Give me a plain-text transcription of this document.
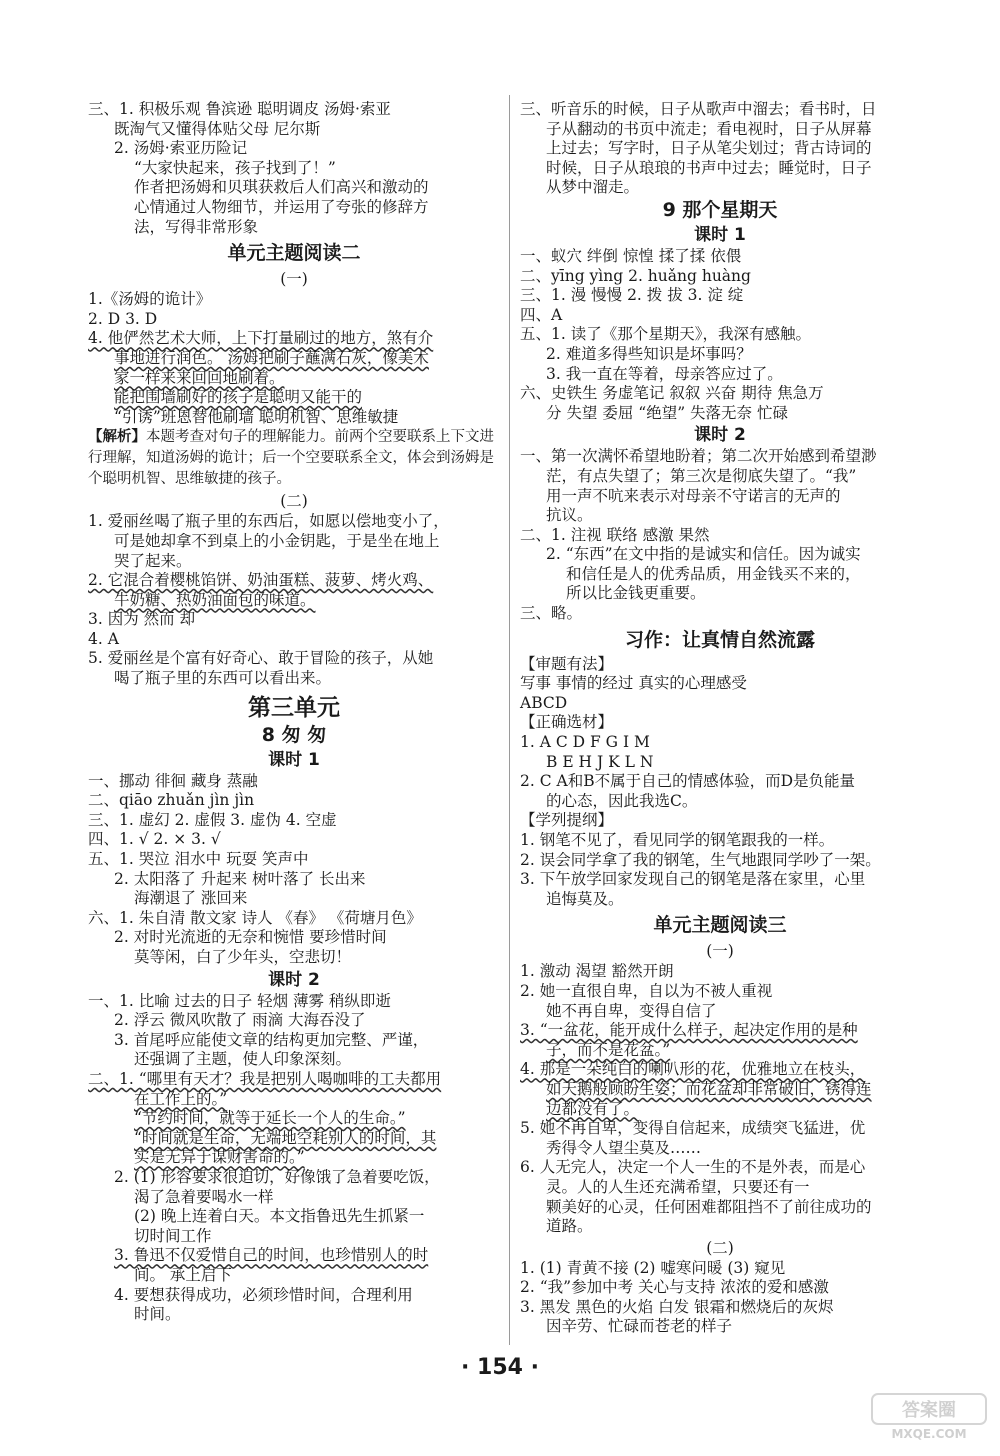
三、1. 积极乐观 鲁滨逊 聪明调皮 汤姆·索亚
既淘气又懂得体贴父母 尼尔斯
2. 汤姆·索亚历险记
“大家快起来，孩子找到了！”
作者把汤姆和贝琪获救后人们高兴和激动的
心情通过人物细节，并运用了夸张的修辞方
法，写得非常形象
单元主题阅读二
(一)
1.《汤姆的诡计》
2. D 3. D
4. 他俨然艺术大师，上下打量刷过的地方，煞有介
事地进行润色。 汤姆把刷子蘸满石灰，像美术
家一样来来回回地刷着。
能把围墙刷好的孩子是聪明又能干的
“引诱”班恩替他刷墙 聪明机智、思维敏捷
【解析】本题考查对句子的理解能力。前两个空要联系上下文进行理解，知道汤姆的诡计；后一个空要联系全文，体会到汤姆是个聪明机智、思维敏捷的孩子。
(二)
1. 爱丽丝喝了瓶子里的东西后，如愿以偿地变小了，
可是她却拿不到桌上的小金钥匙，于是坐在地上
哭了起来。
2. 它混合着樱桃馅饼、奶油蛋糕、菠萝、烤火鸡、
牛奶糖、热奶油面包的味道。
3. 因为 然而 却
4. A
5. 爱丽丝是个富有好奇心、敢于冒险的孩子，从她
喝了瓶子里的东西可以看出来。
第三单元
8 匆 匆
课时 1
一、挪动 徘徊 藏身 蒸融
二、qiāo zhuǎn jìn jìn
三、1. 虚幻 2. 虚假 3. 虚伪 4. 空虚
四、1. √ 2. × 3. √
五、1. 哭泣 泪水中 玩耍 笑声中
2. 太阳落了 升起来 树叶落了 长出来
海潮退了 涨回来
六、1. 朱自清 散文家 诗人 《春》 《荷塘月色》
2. 对时光流逝的无奈和惋惜 要珍惜时间
莫等闲，白了少年头，空悲切！
课时 2
一、1. 比喻 过去的日子 轻烟 薄雾 稍纵即逝
2. 浮云 微风吹散了 雨滴 大海吞没了
3. 首尾呼应能使文章的结构更加完整、严谨，
还强调了主题，使人印象深刻。
二、1. “哪里有天才？我是把别人喝咖啡的工夫都用
在工作上的。”
“节约时间，就等于延长一个人的生命。”
“时间就是生命，无端地空耗别人的时间，其
实是无异于谋财害命的。”
2. (1) 形容要求很迫切，好像饿了急着要吃饭，
渴了急着要喝水一样
(2) 晚上连着白天。本文指鲁迅先生抓紧一
切时间工作
3. 鲁迅不仅爱惜自己的时间，也珍惜别人的时
间。 承上启下
4. 要想获得成功，必须珍惜时间，合理利用
时间。
三、听音乐的时候，日子从歌声中溜去；看书时，日
子从翻动的书页中流走；看电视时，日子从屏幕
上过去；写字时，日子从笔尖划过；背古诗词的
时候，日子从琅琅的书声中过去；睡觉时，日子
从梦中溜走。
9 那个星期天
课时 1
一、蚁穴 绊倒 惊惶 揉了揉 依偎
二、yīng yìng 2. huǎng huàng
三、1. 漫 慢慢 2. 拨 拔 3. 淀 绽
四、A
五、1. 读了《那个星期天》，我深有感触。
2. 难道多得些知识是坏事吗？
3. 我一直在等着，母亲答应过了。
六、史铁生 务虚笔记 叙叙 兴奋 期待 焦急万
分 失望 委屈 “绝望” 失落无奈 忙碌
课时 2
一、第一次满怀希望地盼着；第二次开始感到希望渺
茫，有点失望了；第三次是彻底失望了。“我”
用一声不吭来表示对母亲不守诺言的无声的
抗议。
二、1. 注视 联络 感激 果然
2. “东西”在文中指的是诚实和信任。因为诚实
和信任是人的优秀品质，用金钱买不来的，
所以比金钱更重要。
三、略。
习作：让真情自然流露
【审题有法】
写事 事情的经过 真实的心理感受
ABCD
【正确选材】
1. A C D F G I M
B E H J K L N
2. C A和B不属于自己的情感体验，而D是负能量
的心态，因此我选C。
【学列提纲】
1. 钢笔不见了，看见同学的钢笔跟我的一样。
2. 误会同学拿了我的钢笔，生气地跟同学吵了一架。
3. 下午放学回家发现自己的钢笔是落在家里，心里
追悔莫及。
单元主题阅读三
(一)
1. 激动 渴望 豁然开朗
2. 她一直很自卑，自以为不被人重视
她不再自卑，变得自信了
3. “一盆花，能开成什么样子，起决定作用的是种
子，而不是花盆。”
4. 那是一朵纯白的喇叭形的花，优雅地立在枝头，
如天鹅般顾盼生姿；而花盆却非常破旧，锈得连
边都没有了。
5. 她不再自卑，变得自信起来，成绩突飞猛进，优
秀得令人望尘莫及……
6. 人无完人，决定一个人一生的不是外表，而是心
灵。人的人生还充满希望，只要还有一
颗美好的心灵，任何困难都阻挡不了前往成功的
道路。
(二)
1. (1) 青黄不接 (2) 嘘寒问暖 (3) 窥见
2. “我”参加中考 关心与支持 浓浓的爱和感激
3. 黑发 黑色的火焰 白发 银霜和燃烧后的灰烬
因辛劳、忙碌而苍老的样子
· 154 ·
答案圈
MXQE.COM
